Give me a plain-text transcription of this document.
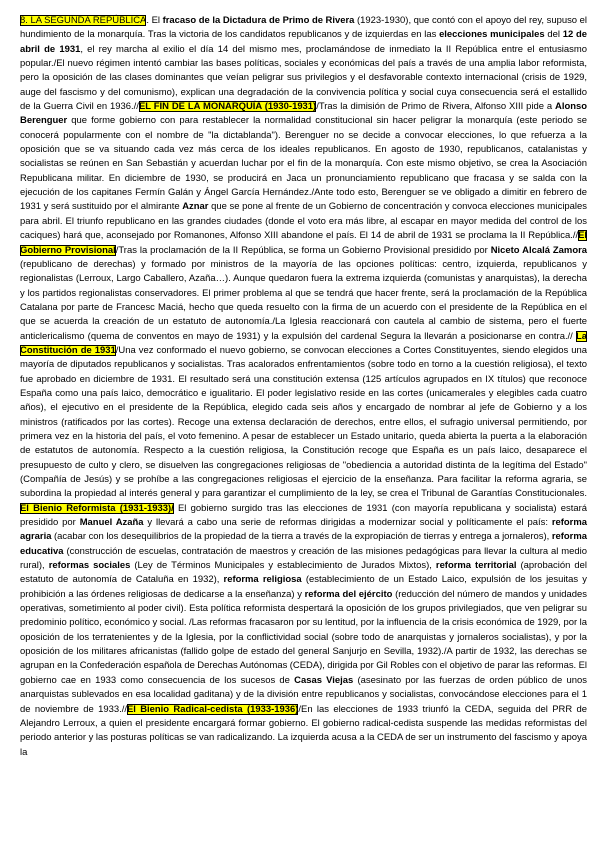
8. LA SEGUNDA REPÚBLICA. El fracaso de la Dictadura de Primo de Rivera (1923-1930), que contó con el apoyo del rey, supuso el hundimiento de la monarquía. Tras la victoria de los candidatos republicanos y de izquierdas en las elecciones municipales del 12 de abril de 1931, el rey marcha al exilio el día 14 del mismo mes, proclamándose de inmediato la II República entre el entusiasmo popular./El nuevo régimen intentó cambiar las bases políticas, sociales y económicas del país a través de una amplia labor reformista, pero la oposición de las clases dominantes que veían peligrar sus privilegios y el desfavorable contexto internacional (crisis de 1929, auge del fascismo y del comunismo), explican una degradación de la convivencia política y social cuya consecuencia será el estallido de la Guerra Civil en 1936.//EL FIN DE LA MONARQUÍA (1930-1931)/Tras la dimisión de Primo de Rivera, Alfonso XIII pide a Alonso Berenguer que forme gobierno con para restablecer la normalidad constitucional sin hacer peligrar la monarquía (este periodo se conocerá popularmente con el nombre de "la dictablanda"). Berenguer no se decide a convocar elecciones, lo que refuerza a la oposición que se va situando cada vez más cerca de los ideales republicanos. En agosto de 1930, republicanos, catalanistas y socialistas se reúnen en San Sebastián y acuerdan luchar por el fin de la monarquía. Con este mismo objetivo, se crea la Asociación Republicana militar. En diciembre de 1930, se producirá en Jaca un pronunciamiento republicano que fracasa y se salda con la ejecución de los capitanes Fermín Galán y Ángel García Hernández./Ante todo esto, Berenguer se ve obligado a dimitir en febrero de 1931 y será sustituido por el almirante Aznar que se pone al frente de un Gobierno de concentración y convoca elecciones municipales para abril. El triunfo republicano en las grandes ciudades (donde el voto era más libre, al escapar en mayor medida del control de los caciques) hará que, aconsejado por Romanones, Alfonso XIII abandone el país. El 14 de abril de 1931 se proclama la II República.//El Gobierno Provisional/Tras la proclamación de la II República, se forma un Gobierno Provisional presidido por Niceto Alcalá Zamora (republicano de derechas) y formado por ministros de la mayoría de las opciones políticas: centro, izquierda, republicanos y regionalistas (Lerroux, Largo Caballero, Azaña…). Aunque quedaron fuera la extrema izquierda (comunistas y anarquistas), la derecha y los partidos regionalistas conservadores. El primer problema al que se tendrá que hacer frente, será la proclamación de la República Catalana por parte de Francesc Maciá, hecho que queda resuelto con la firma de un acuerdo con el presidente de la República en el que se acuerda la creación de un estatuto de autonomía./La Iglesia reaccionará con cautela al cambio de sistema, pero el fuerte anticlericalismo (quema de conventos en mayo de 1931) y la expulsión del cardenal Segura la llevarán a posicionarse en contra.// La Constitución de 1931/Una vez conformado el nuevo gobierno, se convocan elecciones a Cortes Constituyentes, siendo elegidos una mayoría de diputados republicanos y socialistas. Tras acalorados enfrentamientos (sobre todo en torno a la cuestión religiosa), el texto fue aprobado en diciembre de 1931. El resultado será una constitución extensa (125 artículos agrupados en IX títulos) que reconoce España como una país laico, democrático e igualitario. El poder legislativo reside en las cortes (unicamerales y elegibles cada cuatro años), el ejecutivo en el presidente de la República, elegido cada seis años y encargado de nombrar al jefe de Gobierno y a los ministros (ratificados por las cortes). Recoge una extensa declaración de derechos, entre ellos, el sufragio universal permitiendo, por primera vez en la historia del país, el voto femenino. A pesar de establecer un Estado unitario, queda abierta la puerta a la elaboración de estatutos de autonomía. Respecto a la cuestión religiosa, la Constitución recoge que España es un país laico, desaparece el presupuesto de culto y clero, se disuelven las congregaciones religiosas de "obediencia a autoridad distinta de la legítima del Estado" (Compañía de Jesús) y se prohíbe a las congregaciones religiosas el ejercicio de la enseñanza. Para facilitar la reforma agraria, se subordina la propiedad al interés general y para garantizar el cumplimiento de la ley, se crea el Tribunal de Garantías Constitucionales. El Bienio Reformista (1931-1933)/ El gobierno surgido tras las elecciones de 1931 (con mayoría republicana y socialista) estará presidido por Manuel Azaña y llevará a cabo una serie de reformas dirigidas a modernizar social y políticamente el país: reforma agraria (acabar con los desequilibrios de la propiedad de la tierra a través de la expropiación de tierras y entrega a jornaleros), reforma educativa (construcción de escuelas, contratación de maestros y creación de las misiones pedagógicas para llevar la cultura al medio rural), reformas sociales (Ley de Términos Municipales y establecimiento de Jurados Mixtos), reforma territorial (aprobación del estatuto de autonomía de Cataluña en 1932), reforma religiosa (establecimiento de un Estado Laico, expulsión de los jesuitas y prohibición a las órdenes religiosas de dedicarse a la enseñanza) y reforma del ejército (reducción del número de mandos y unidades operativas, sometimiento al poder civil). Esta política reformista despertará la oposición de los grupos privilegiados, que ven peligrar su predominio político, económico y social. /Las reformas fracasaron por su lentitud, por la influencia de la crisis económica de 1929, por la oposición de los terratenientes y de la Iglesia, por la conflictividad social (sobre todo de anarquistas y jornaleros socialistas), y por la oposición de los militares africanistas (fallido golpe de estado del general Sanjurjo en Sevilla, 1932)./A partir de 1932, las derechas se agrupan en la Confederación española de Derechas Autónomas (CEDA), dirigida por Gil Robles con el objetivo de parar las reformas. El gobierno cae en 1933 como consecuencia de los sucesos de Casas Viejas (asesinato por las fuerzas de orden público de unos anarquistas sublevados en esa localidad gaditana) y de la división entre republicanos y socialistas, convocándose elecciones para el 1 de noviembre de 1933.//El Bienio Radical-cedista (1933-1936)/En las elecciones de 1933 triunfó la CEDA, seguida del PRR de Alejandro Lerroux, a quien el presidente encargará formar gobierno. El gobierno radical-cedista suspende las medidas reformistas del periodo anterior y las posturas políticas se van radicalizando. La izquierda acusa a la CEDA de ser un instrumento del fascismo y apoya la
